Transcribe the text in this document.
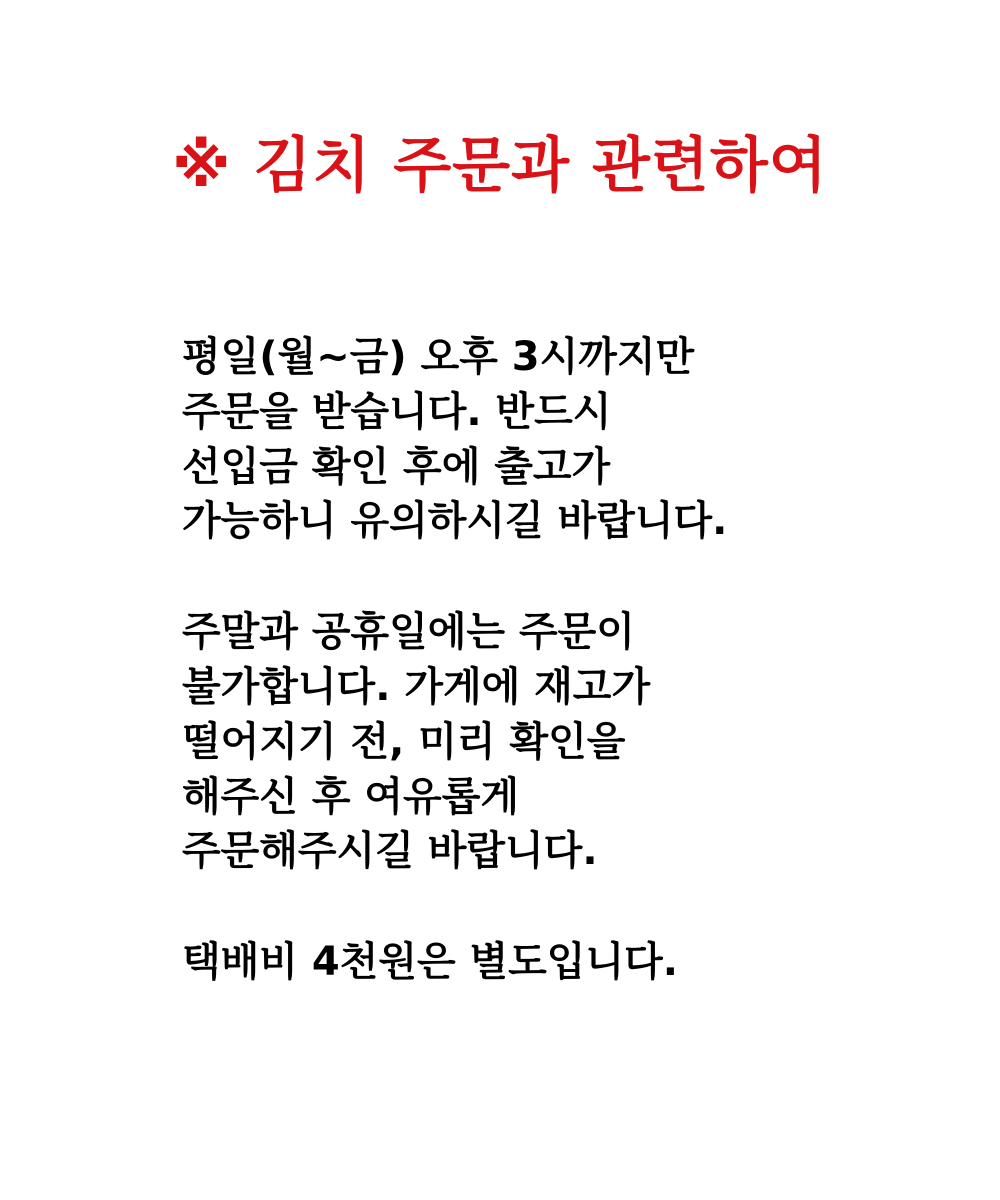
※ 김치 주문과 관련하여

평일(월~금) 오후 3시까지만
주문을 받습니다. 반드시
선입금 확인 후에 출고가
가능하니 유의하시길 바랍니다.

주말과 공휴일에는 주문이
불가합니다. 가게에 재고가
떨어지기 전, 미리 확인을
해주신 후 여유롭게
주문해주시길 바랍니다.

택배비 4천원은 별도입니다.
